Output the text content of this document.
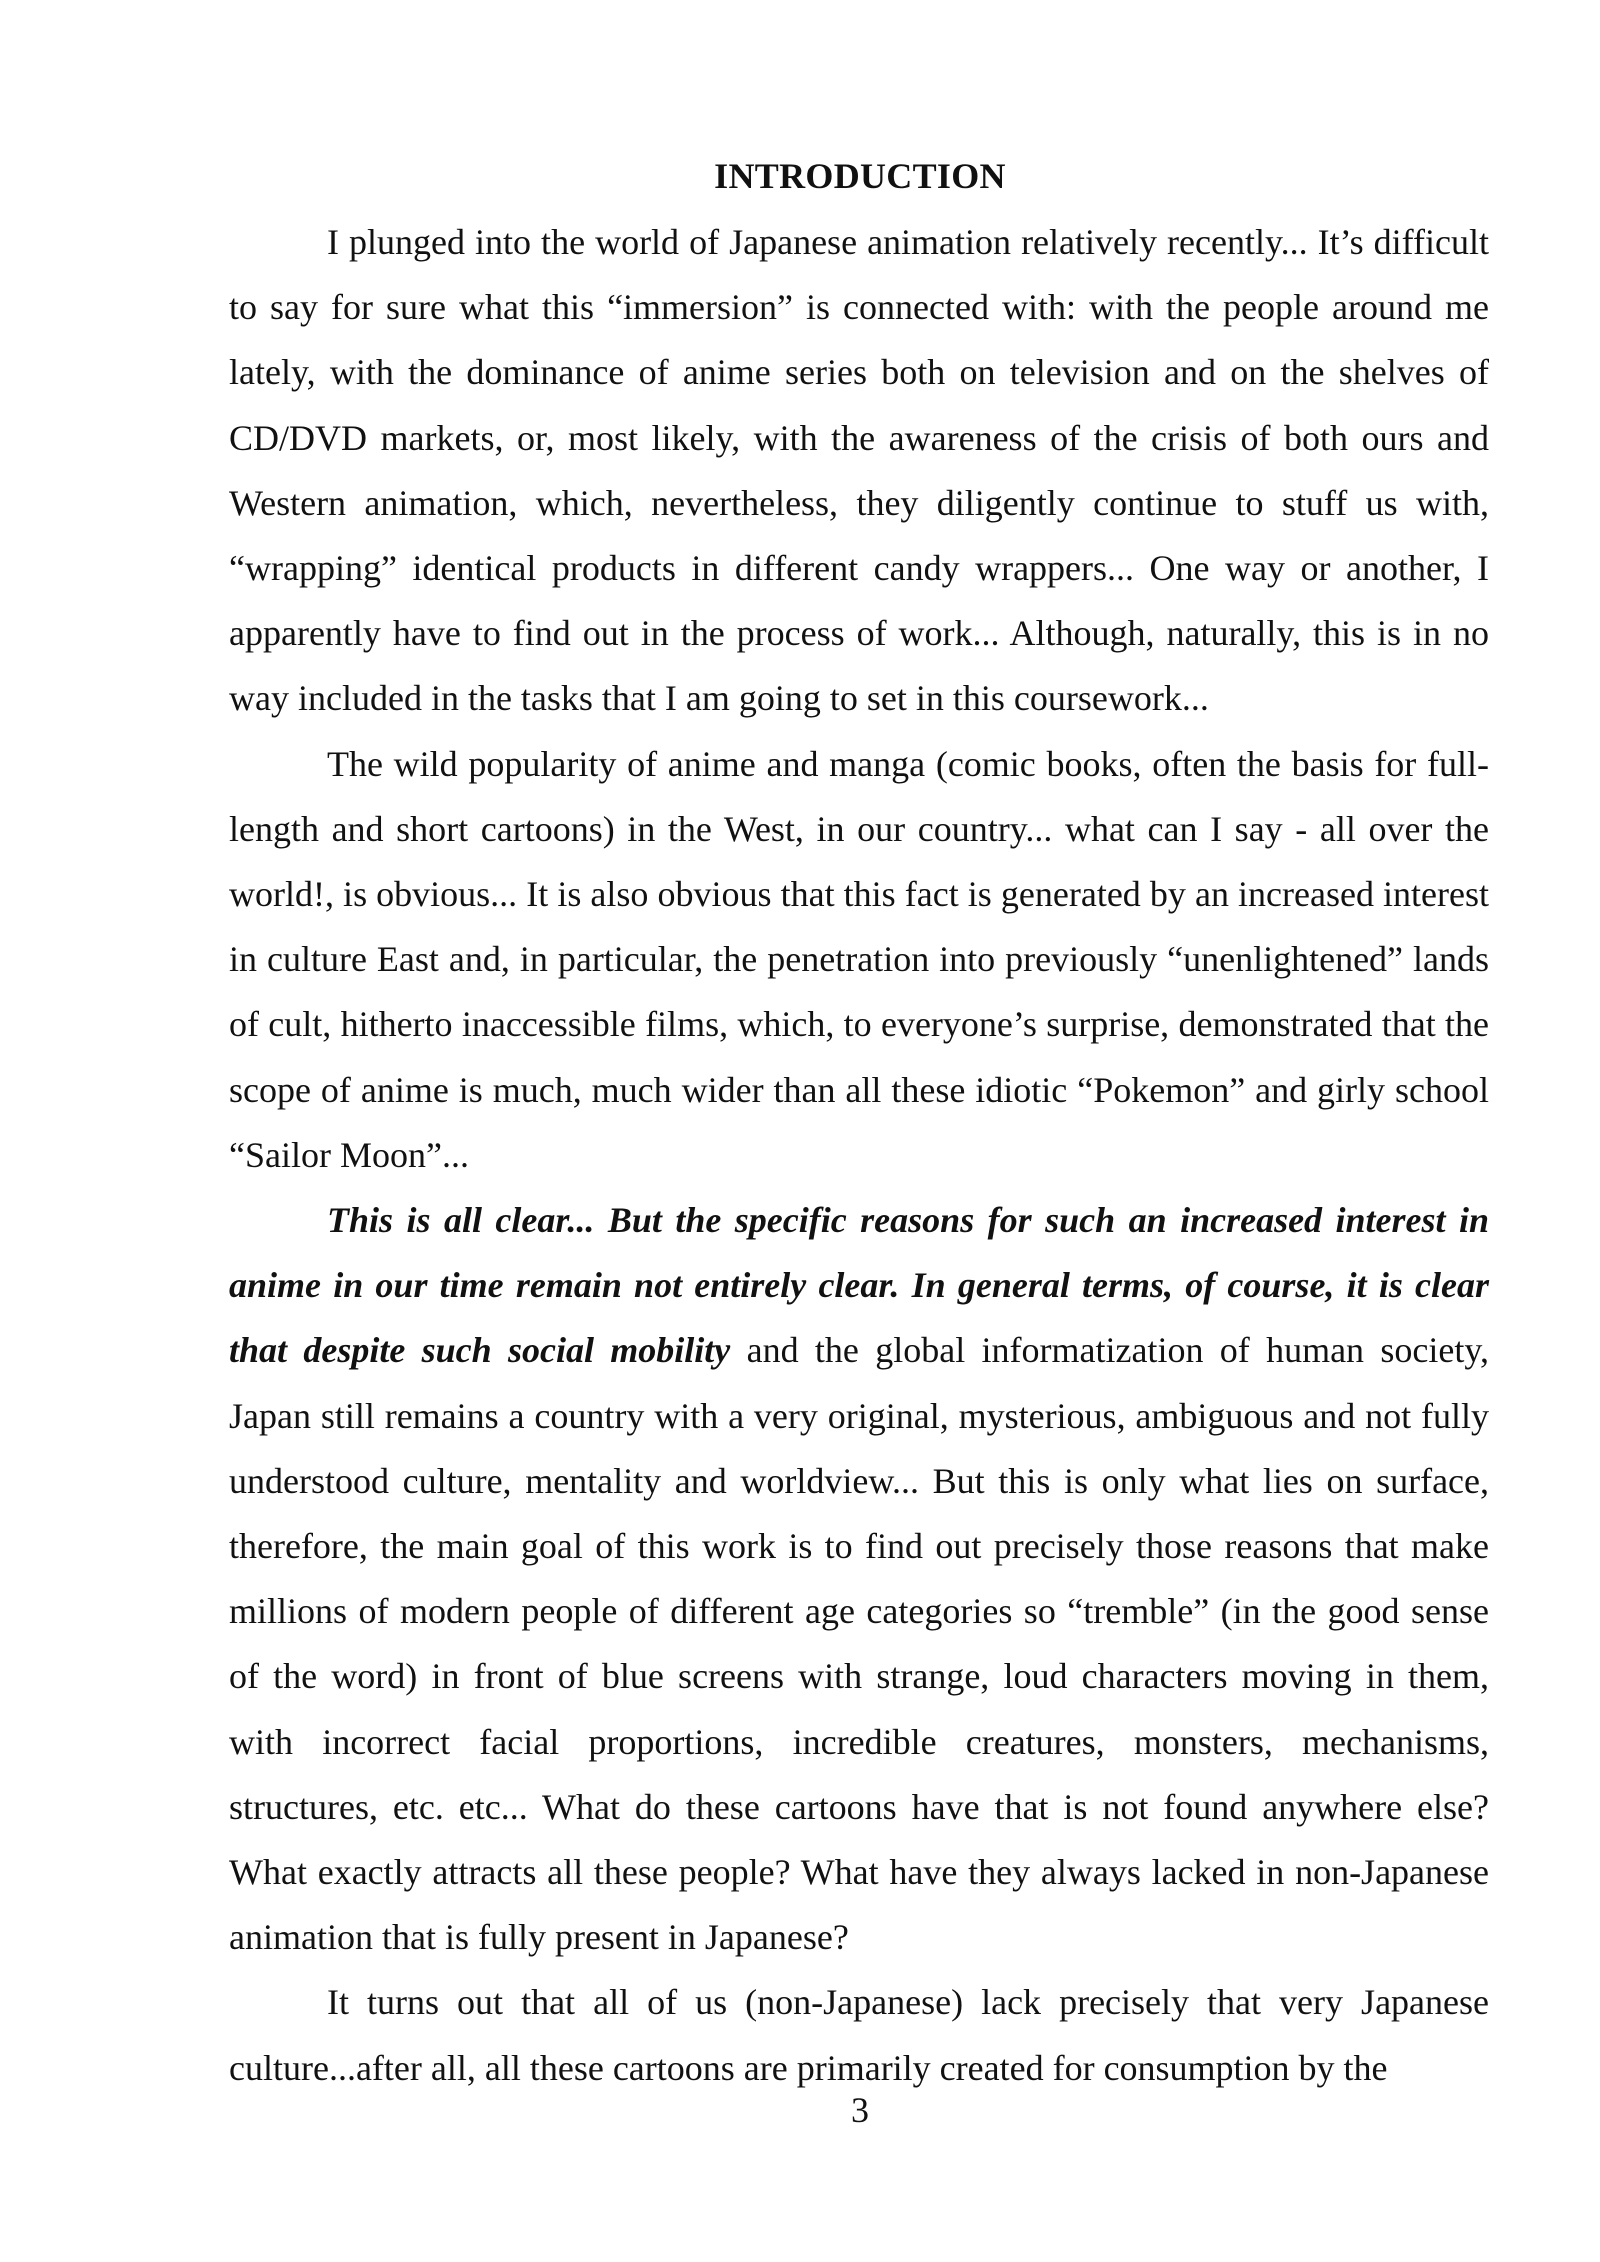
INTRODUCTION

I plunged into the world of Japanese animation relatively recently... It’s difficult to say for sure what this “immersion” is connected with: with the people around me lately, with the dominance of anime series both on television and on the shelves of CD/DVD markets, or, most likely, with the awareness of the crisis of both ours and Western animation, which, nevertheless, they diligently continue to stuff us with, “wrapping” identical products in different candy wrappers... One way or another, I apparently have to find out in the process of work... Although, naturally, this is in no way included in the tasks that I am going to set in this coursework...

The wild popularity of anime and manga (comic books, often the basis for full-length and short cartoons) in the West, in our country... what can I say - all over the world!, is obvious... It is also obvious that this fact is generated by an increased interest in culture East and, in particular, the penetration into previously “unenlightened” lands of cult, hitherto inaccessible films, which, to everyone’s surprise, demonstrated that the scope of anime is much, much wider than all these idiotic “Pokemon” and girly school “Sailor Moon”...

This is all clear... But the specific reasons for such an increased interest in anime in our time remain not entirely clear. In general terms, of course, it is clear that despite such social mobility and the global informatization of human society, Japan still remains a country with a very original, mysterious, ambiguous and not fully understood culture, mentality and worldview... But this is only what lies on surface, therefore, the main goal of this work is to find out precisely those reasons that make millions of modern people of different age categories so “tremble” (in the good sense of the word) in front of blue screens with strange, loud characters moving in them, with incorrect facial proportions, incredible creatures, monsters, mechanisms, structures, etc. etc... What do these cartoons have that is not found anywhere else? What exactly attracts all these people? What have they always lacked in non-Japanese animation that is fully present in Japanese?

It turns out that all of us (non-Japanese) lack precisely that very Japanese culture...after all, all these cartoons are primarily created for consumption by the

3
